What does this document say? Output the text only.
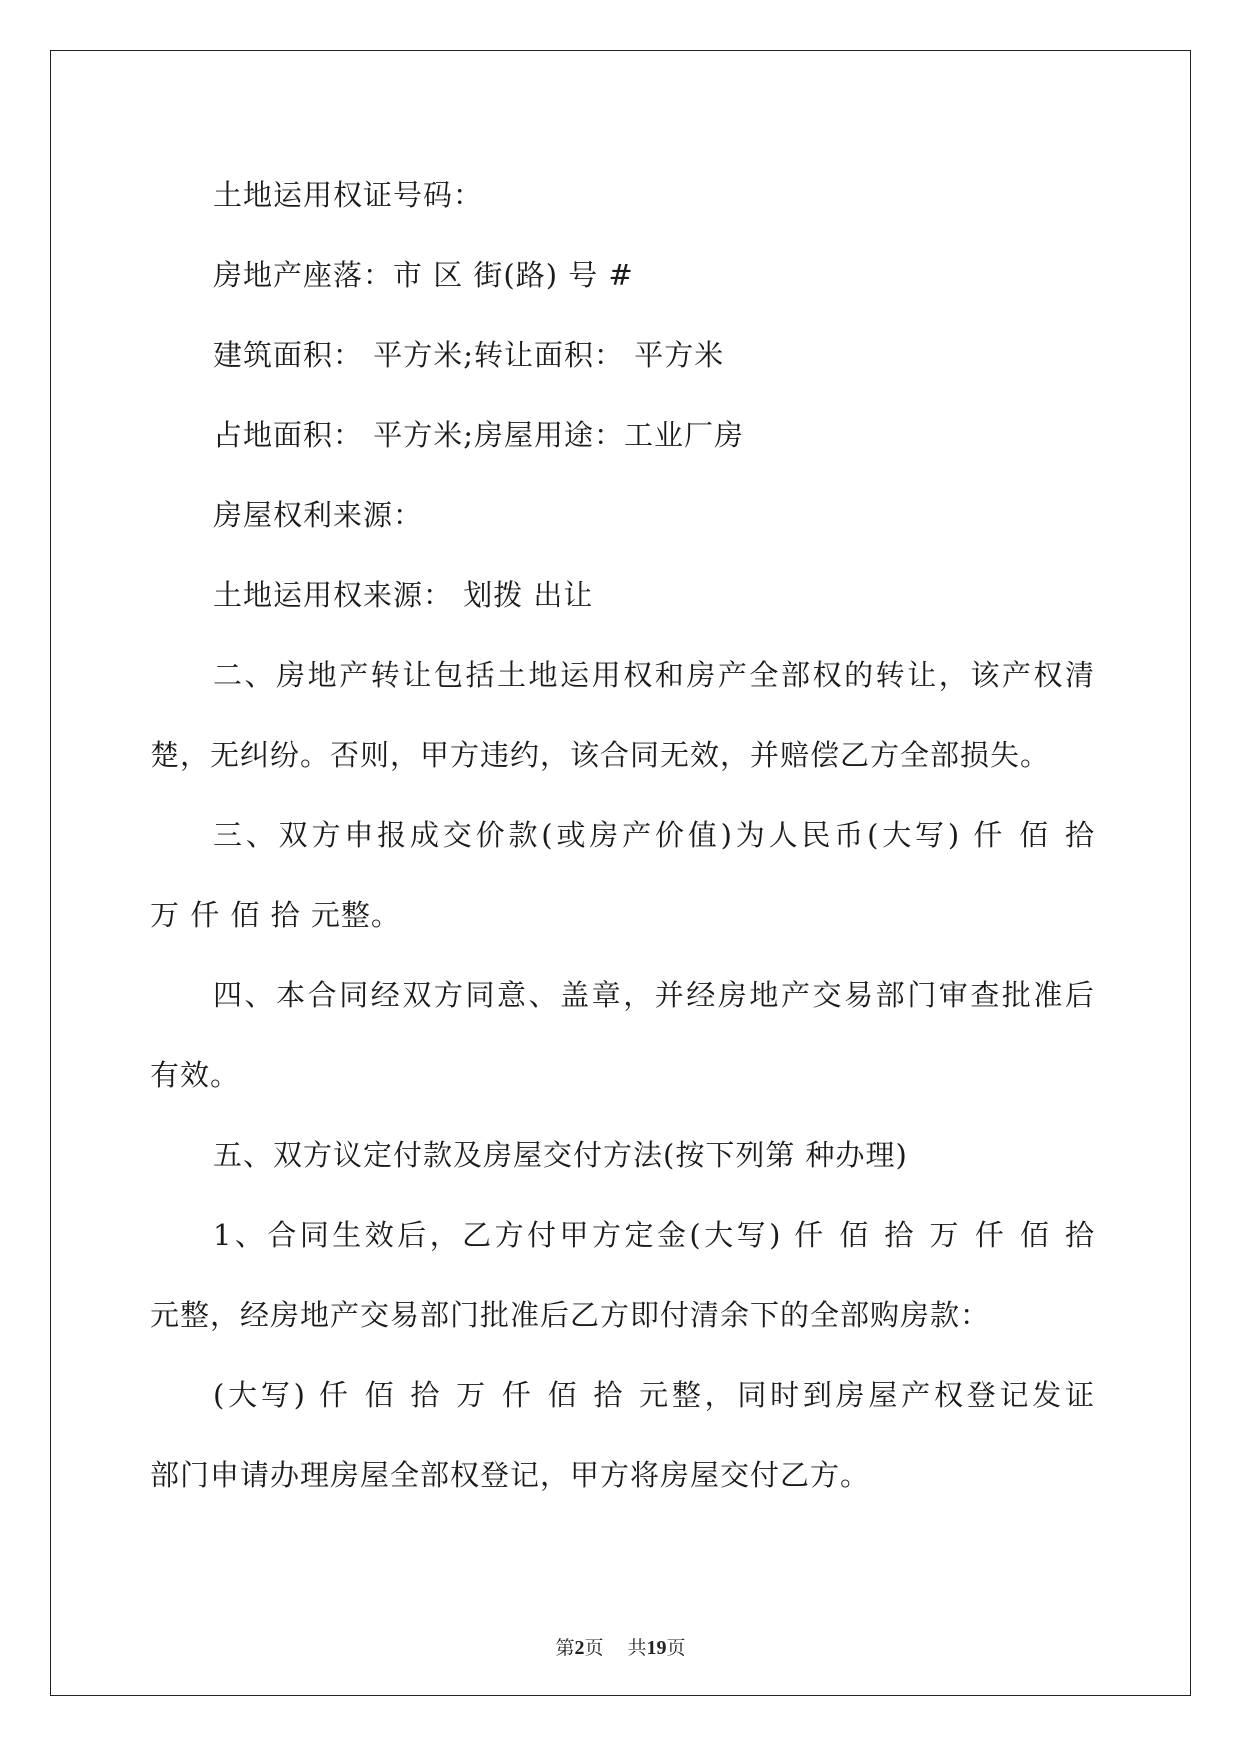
土地运用权证号码：
房地产座落：市 区 街(路) 号 #
建筑面积： 平方米;转让面积： 平方米
占地面积： 平方米;房屋用途：工业厂房
房屋权利来源：
土地运用权来源： 划拨 出让
二、房地产转让包括土地运用权和房产全部权的转让，该产权清
楚，无纠纷。否则，甲方违约，该合同无效，并赔偿乙方全部损失。
三、双方申报成交价款(或房产价值)为人民币(大写) 仟 佰 拾
万 仟 佰 拾 元整。
四、本合同经双方同意、盖章，并经房地产交易部门审查批准后
有效。
五、双方议定付款及房屋交付方法(按下列第 种办理)
1、合同生效后，乙方付甲方定金(大写) 仟 佰 拾 万 仟 佰 拾
元整，经房地产交易部门批准后乙方即付清余下的全部购房款：
(大写) 仟 佰 拾 万 仟 佰 拾 元整，同时到房屋产权登记发证
部门申请办理房屋全部权登记，甲方将房屋交付乙方。
第2页 共19页
